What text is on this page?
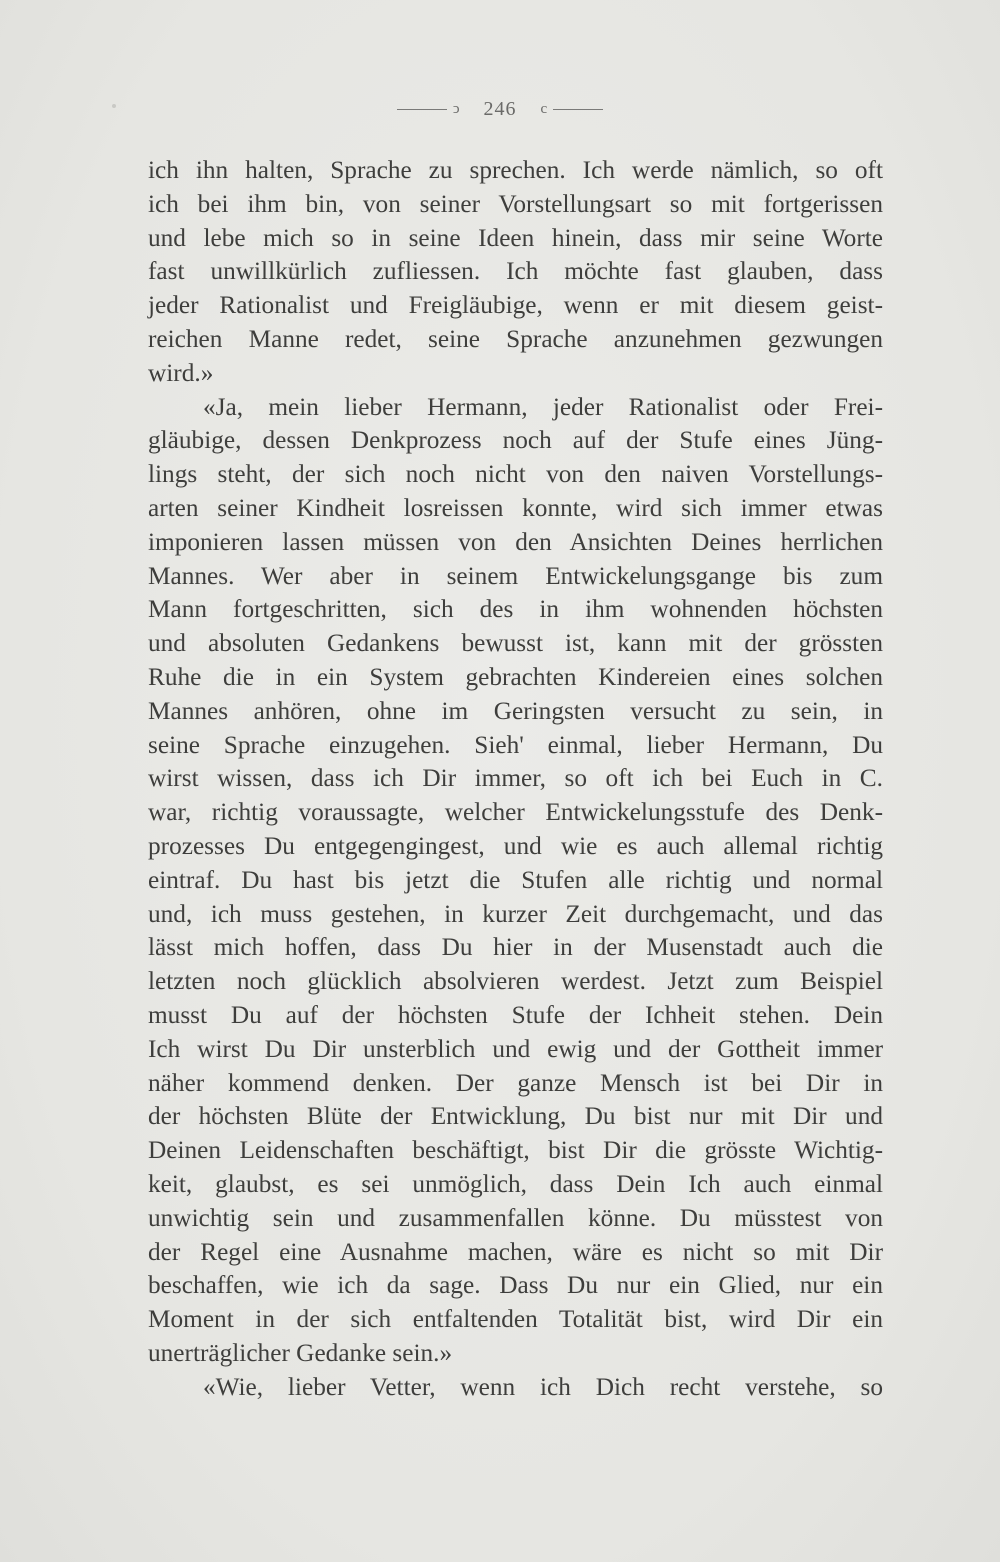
ↄ 246 c
ich ihn halten, Sprache zu sprechen. Ich werde nämlich, so oft
ich bei ihm bin, von seiner Vorstellungsart so mit fortgerissen
und lebe mich so in seine Ideen hinein, dass mir seine Worte
fast unwillkürlich zufliessen. Ich möchte fast glauben, dass
jeder Rationalist und Freigläubige, wenn er mit diesem geist-
reichen Manne redet, seine Sprache anzunehmen gezwungen
wird.»
«Ja, mein lieber Hermann, jeder Rationalist oder Frei-
gläubige, dessen Denkprozess noch auf der Stufe eines Jüng-
lings steht, der sich noch nicht von den naiven Vorstellungs-
arten seiner Kindheit losreissen konnte, wird sich immer etwas
imponieren lassen müssen von den Ansichten Deines herrlichen
Mannes. Wer aber in seinem Entwickelungsgange bis zum
Mann fortgeschritten, sich des in ihm wohnenden höchsten
und absoluten Gedankens bewusst ist, kann mit der grössten
Ruhe die in ein System gebrachten Kindereien eines solchen
Mannes anhören, ohne im Geringsten versucht zu sein, in
seine Sprache einzugehen. Sieh' einmal, lieber Hermann, Du
wirst wissen, dass ich Dir immer, so oft ich bei Euch in C.
war, richtig voraussagte, welcher Entwickelungsstufe des Denk-
prozesses Du entgegengingest, und wie es auch allemal richtig
eintraf. Du hast bis jetzt die Stufen alle richtig und normal
und, ich muss gestehen, in kurzer Zeit durchgemacht, und das
lässt mich hoffen, dass Du hier in der Musenstadt auch die
letzten noch glücklich absolvieren werdest. Jetzt zum Beispiel
musst Du auf der höchsten Stufe der Ichheit stehen. Dein
Ich wirst Du Dir unsterblich und ewig und der Gottheit immer
näher kommend denken. Der ganze Mensch ist bei Dir in
der höchsten Blüte der Entwicklung, Du bist nur mit Dir und
Deinen Leidenschaften beschäftigt, bist Dir die grösste Wichtig-
keit, glaubst, es sei unmöglich, dass Dein Ich auch einmal
unwichtig sein und zusammenfallen könne. Du müsstest von
der Regel eine Ausnahme machen, wäre es nicht so mit Dir
beschaffen, wie ich da sage. Dass Du nur ein Glied, nur ein
Moment in der sich entfaltenden Totalität bist, wird Dir ein
unerträglicher Gedanke sein.»
«Wie, lieber Vetter, wenn ich Dich recht verstehe, so
